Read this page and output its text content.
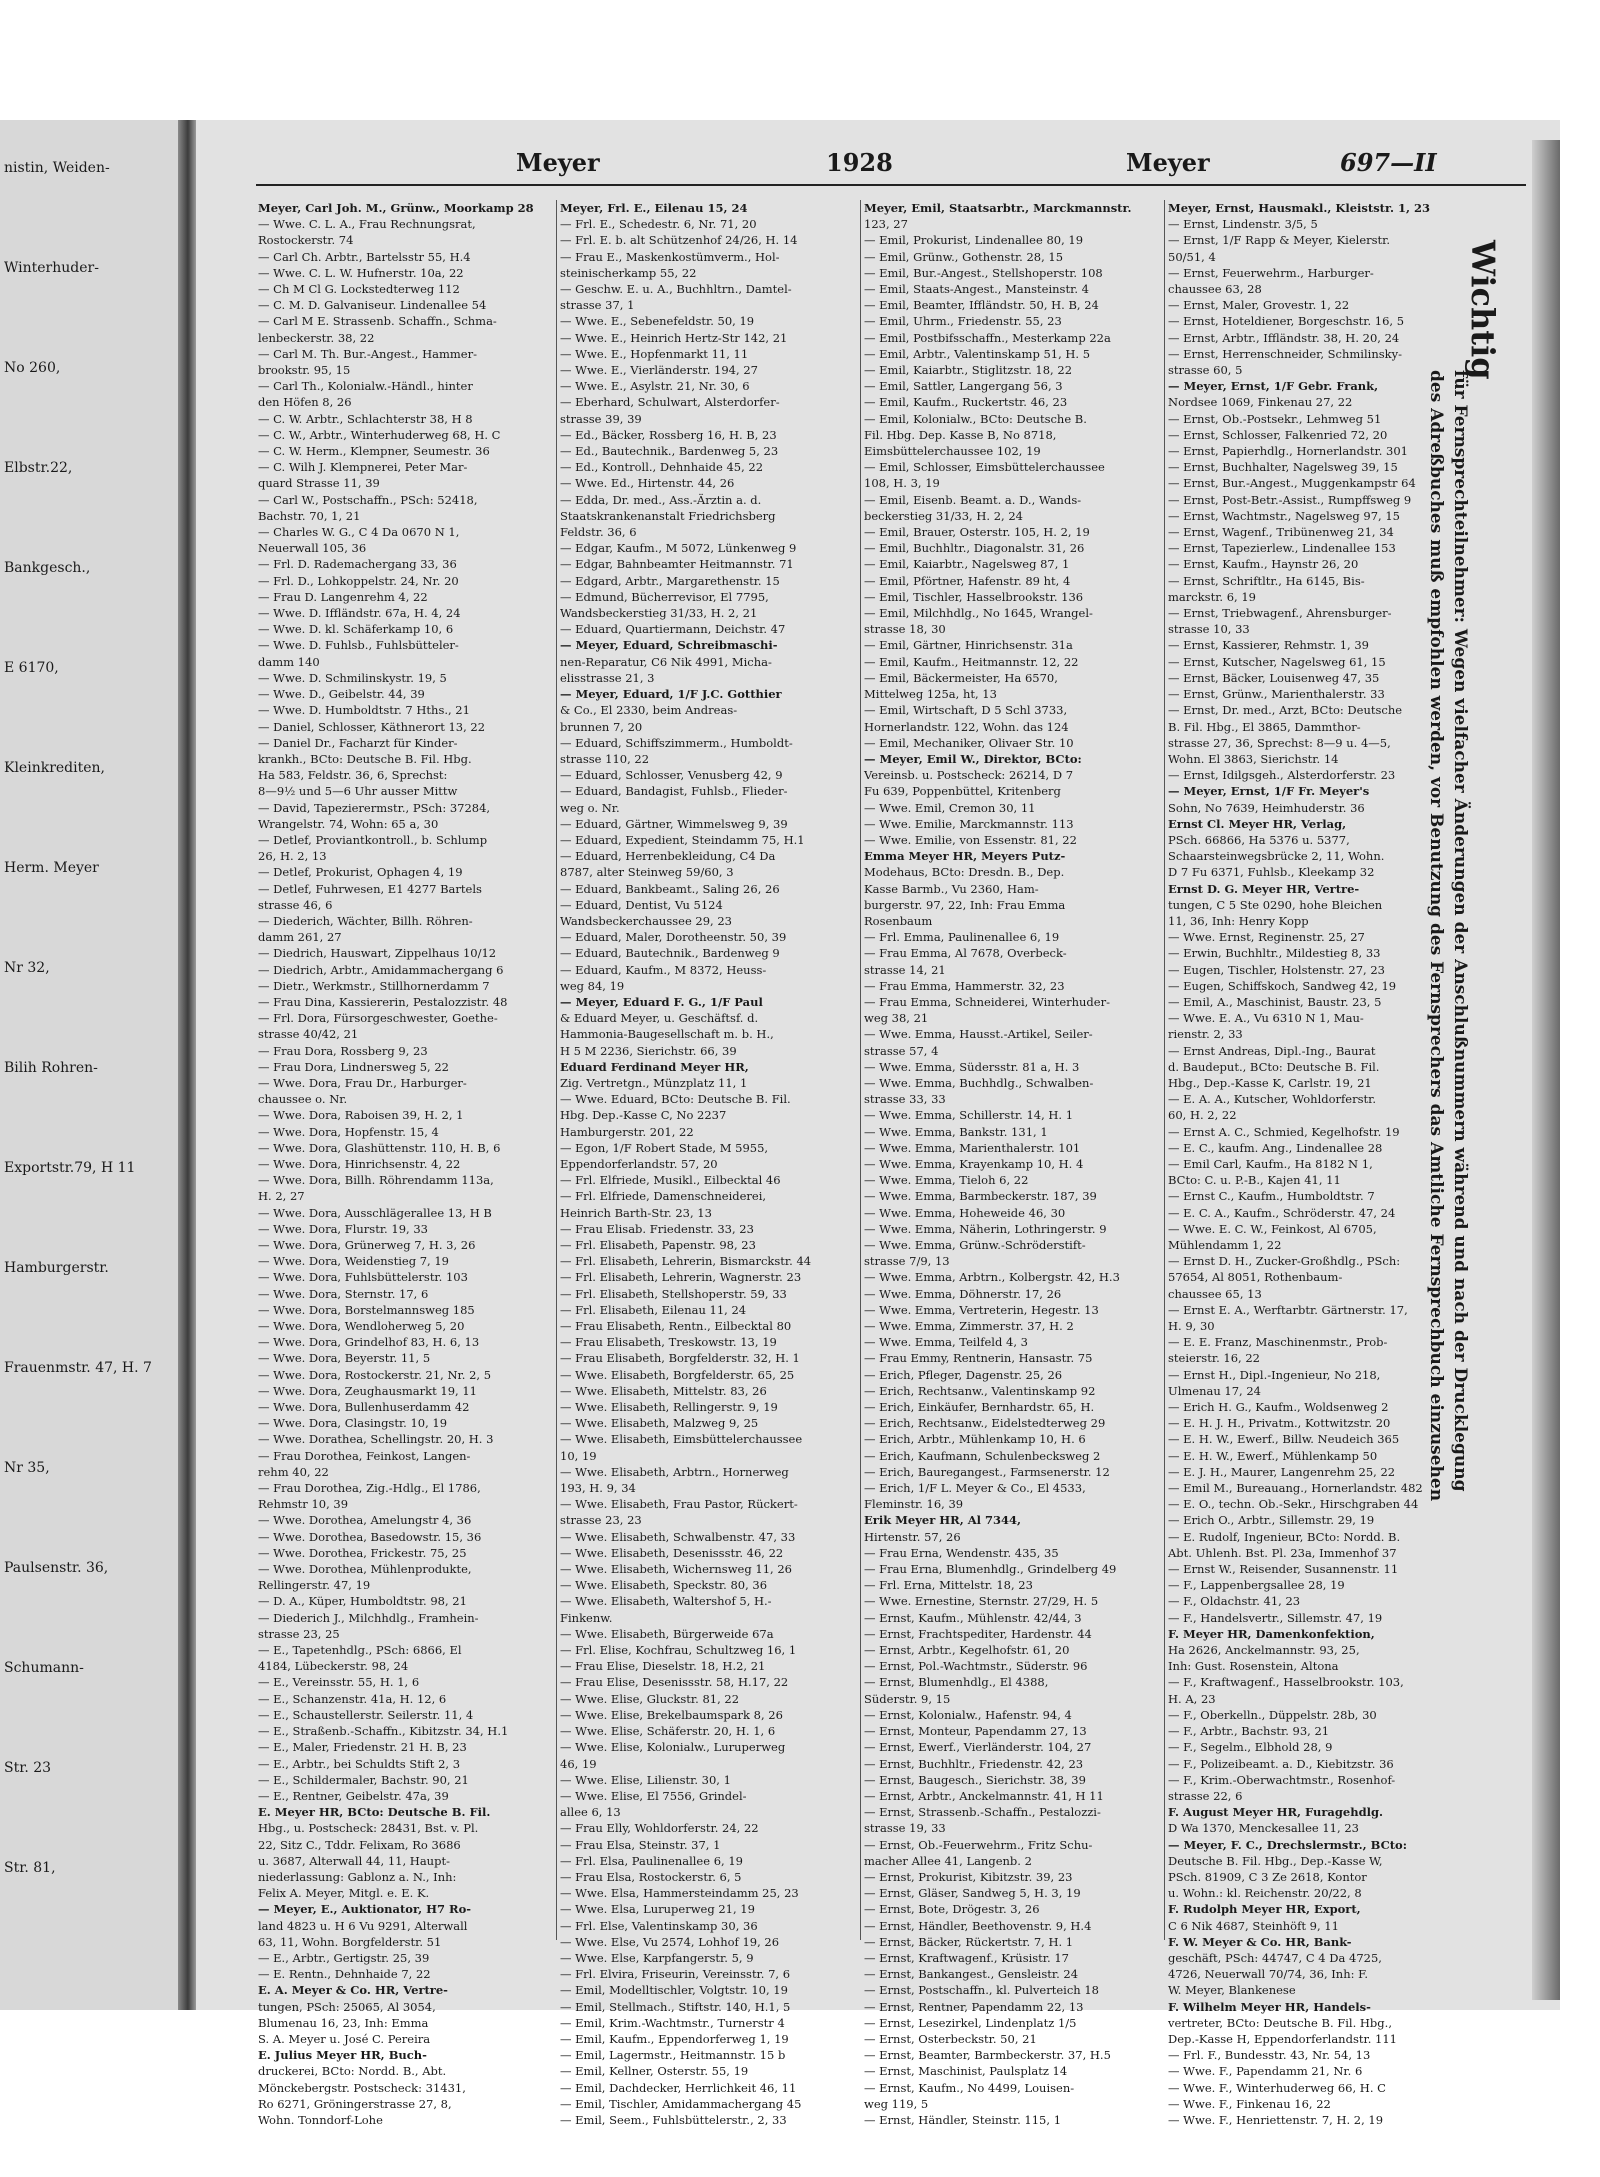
nistin, Weiden-
Winterhuder-
No 260,
Elbstr.22,
Bankgesch.,
E 6170,
Kleinkrediten,
Herm. Meyer
Nr 32,
Bilih Rohren-
Exportstr.79, H 11
Hamburgerstr.
Frauenmstr. 47, H. 7
Nr 35,
Paulsenstr. 36,
Schumann-
Str. 23
Str. 81,
Meyer	1928	Meyer	697—II
Meyer, Carl Joh. M., Grünw., Moorkamp 28
— Wwe. C. L. A., Frau Rechnungsrat,
Rostockerstr. 74
— Carl Ch. Arbtr., Bartelsstr 55, H.4
— Wwe. C. L. W. Hufnerstr. 10a, 22
— Ch M Cl G. Lockstedterweg 112
— C. M. D. Galvaniseur. Lindenallee 54
— Carl M E. Strassenb. Schaffn., Schma-
lenbeckerstr. 38, 22
— Carl M. Th. Bur.-Angest., Hammer-
brookstr. 95, 15
— Carl Th., Kolonialw.-Händl., hinter
den Höfen 8, 26
— C. W. Arbtr., Schlachterstr 38, H 8
— C. W., Arbtr., Winterhuderweg 68, H. C
— C. W. Herm., Klempner, Seumestr. 36
— C. Wilh J. Klempnerei, Peter Mar-
quard Strasse 11, 39
— Carl W., Postschaffn., PSch: 52418,
Bachstr. 70, 1, 21
— Charles W. G., C 4 Da 0670 N 1,
Neuerwall 105, 36
— Frl. D. Rademachergang 33, 36
— Frl. D., Lohkoppelstr. 24, Nr. 20
— Frau D. Langenrehm 4, 22
— Wwe. D. Iffländstr. 67a, H. 4, 24
— Wwe. D. kl. Schäferkamp 10, 6
— Wwe. D. Fuhlsb., Fuhlsbütteler-
damm 140
— Wwe. D. Schmilinskystr. 19, 5
— Wwe. D., Geibelstr. 44, 39
— Wwe. D. Humboldtstr. 7 Hths., 21
— Daniel, Schlosser, Käthnerort 13, 22
— Daniel Dr., Facharzt für Kinder-
krankh., BCto: Deutsche B. Fil. Hbg.
Ha 583, Feldstr. 36, 6, Sprechst:
8—9½ und 5—6 Uhr ausser Mittw
— David, Tapezierermstr., PSch: 37284,
Wrangelstr. 74, Wohn: 65 a, 30
— Detlef, Proviantkontroll., b. Schlump
26, H. 2, 13
— Detlef, Prokurist, Ophagen 4, 19
— Detlef, Fuhrwesen, E1 4277 Bartels
strasse 46, 6
— Diederich, Wächter, Billh. Röhren-
damm 261, 27
— Diedrich, Hauswart, Zippelhaus 10/12
— Diedrich, Arbtr., Amidammachergang 6
— Dietr., Werkmstr., Stillhornerdamm 7
— Frau Dina, Kassiererin, Pestalozzistr. 48
— Frl. Dora, Fürsorgeschwester, Goethe-
strasse 40/42, 21
— Frau Dora, Rossberg 9, 23
— Frau Dora, Lindnersweg 5, 22
— Wwe. Dora, Frau Dr., Harburger-
chaussee o. Nr.
— Wwe. Dora, Raboisen 39, H. 2, 1
— Wwe. Dora, Hopfenstr. 15, 4
— Wwe. Dora, Glashüttenstr. 110, H. B, 6
— Wwe. Dora, Hinrichsenstr. 4, 22
— Wwe. Dora, Billh. Röhrendamm 113a,
H. 2, 27
— Wwe. Dora, Ausschlägerallee 13, H B
— Wwe. Dora, Flurstr. 19, 33
— Wwe. Dora, Grünerweg 7, H. 3, 26
— Wwe. Dora, Weidenstieg 7, 19
— Wwe. Dora, Fuhlsbüttelerstr. 103
— Wwe. Dora, Sternstr. 17, 6
— Wwe. Dora, Borstelmannsweg 185
— Wwe. Dora, Wendloherweg 5, 20
— Wwe. Dora, Grindelhof 83, H. 6, 13
— Wwe. Dora, Beyerstr. 11, 5
— Wwe. Dora, Rostockerstr. 21, Nr. 2, 5
— Wwe. Dora, Zeughausmarkt 19, 11
— Wwe. Dora, Bullenhuserdamm 42
— Wwe. Dora, Clasingstr. 10, 19
— Wwe. Dorathea, Schellingstr. 20, H. 3
— Frau Dorothea, Feinkost, Langen-
rehm 40, 22
— Frau Dorothea, Zig.-Hdlg., El 1786,
Rehmstr 10, 39
— Wwe. Dorothea, Amelungstr 4, 36
— Wwe. Dorothea, Basedowstr. 15, 36
— Wwe. Dorothea, Frickestr. 75, 25
— Wwe. Dorothea, Mühlenprodukte,
Rellingerstr. 47, 19
— D. A., Küper, Humboldtstr. 98, 21
— Diederich J., Milchhdlg., Framhein-
strasse 23, 25
— E., Tapetenhdlg., PSch: 6866, El
4184, Lübeckerstr. 98, 24
— E., Vereinsstr. 55, H. 1, 6
— E., Schanzenstr. 41a, H. 12, 6
— E., Schaustellerstr. Seilerstr. 11, 4
— E., Straßenb.-Schaffn., Kibitzstr. 34, H.1
— E., Maler, Friedenstr. 21 H. B, 23
— E., Arbtr., bei Schuldts Stift 2, 3
— E., Schildermaler, Bachstr. 90, 21
— E., Rentner, Geibelstr. 47a, 39
E. Meyer HR, BCto: Deutsche B. Fil.
Hbg., u. Postscheck: 28431, Bst. v. Pl.
22, Sitz C., Tddr. Felixam, Ro 3686
u. 3687, Alterwall 44, 11, Haupt-
niederlassung: Gablonz a. N., Inh:
Felix A. Meyer, Mitgl. e. E. K.
— Meyer, E., Auktionator, H7 Ro-
land 4823 u. H 6 Vu 9291, Alterwall
63, 11, Wohn. Borgfelderstr. 51
— E., Arbtr., Gertigstr. 25, 39
— E. Rentn., Dehnhaide 7, 22
E. A. Meyer & Co. HR, Vertre-
tungen, PSch: 25065, Al 3054,
Blumenau 16, 23, Inh: Emma
S. A. Meyer u. José C. Pereira
E. Julius Meyer HR, Buch-
druckerei, BCto: Nordd. B., Abt.
Mönckebergstr. Postscheck: 31431,
Ro 6271, Gröningerstrasse 27, 8,
Wohn. Tonndorf-Lohe
Meyer, Frl. E., Eilenau 15, 24
— Frl. E., Schedestr. 6, Nr. 71, 20
— Frl. E. b. alt Schützenhof 24/26, H. 14
— Frau E., Maskenkostümverm., Hol-
steinischerkamp 55, 22
— Geschw. E. u. A., Buchhltrn., Damtel-
strasse 37, 1
— Wwe. E., Sebenefeldstr. 50, 19
— Wwe. E., Heinrich Hertz-Str 142, 21
— Wwe. E., Hopfenmarkt 11, 11
— Wwe. E., Vierländerstr. 194, 27
— Wwe. E., Asylstr. 21, Nr. 30, 6
— Eberhard, Schulwart, Alsterdorfer-
strasse 39, 39
— Ed., Bäcker, Rossberg 16, H. B, 23
— Ed., Bautechnik., Bardenweg 5, 23
— Ed., Kontroll., Dehnhaide 45, 22
— Wwe. Ed., Hirtenstr. 44, 26
— Edda, Dr. med., Ass.-Ärztin a. d.
Staatskrankenanstalt Friedrichsberg
Feldstr. 36, 6
— Edgar, Kaufm., M 5072, Lünkenweg 9
— Edgar, Bahnbeamter Heitmannstr. 71
— Edgard, Arbtr., Margarethenstr. 15
— Edmund, Bücherrevisor, El 7795,
Wandsbeckerstieg 31/33, H. 2, 21
— Eduard, Quartiermann, Deichstr. 47
— Meyer, Eduard, Schreibmaschi-
nen-Reparatur, C6 Nik 4991, Micha-
elisstrasse 21, 3
— Meyer, Eduard, 1/F J.C. Gotthier
& Co., El 2330, beim Andreas-
brunnen 7, 20
— Eduard, Schiffszimmerm., Humboldt-
strasse 110, 22
— Eduard, Schlosser, Venusberg 42, 9
— Eduard, Bandagist, Fuhlsb., Flieder-
weg o. Nr.
— Eduard, Gärtner, Wimmelsweg 9, 39
— Eduard, Expedient, Steindamm 75, H.1
— Eduard, Herrenbekleidung, C4 Da
8787, alter Steinweg 59/60, 3
— Eduard, Bankbeamt., Saling 26, 26
— Eduard, Dentist, Vu 5124
Wandsbeckerchaussee 29, 23
— Eduard, Maler, Dorotheenstr. 50, 39
— Eduard, Bautechnik., Bardenweg 9
— Eduard, Kaufm., M 8372, Heuss-
weg 84, 19
— Meyer, Eduard F. G., 1/F Paul
& Eduard Meyer, u. Geschäftsf. d.
Hammonia-Baugesellschaft m. b. H.,
H 5 M 2236, Sierichstr. 66, 39
Eduard Ferdinand Meyer HR,
Zig. Vertretgn., Münzplatz 11, 1
— Wwe. Eduard, BCto: Deutsche B. Fil.
Hbg. Dep.-Kasse C, No 2237
Hamburgerstr. 201, 22
— Egon, 1/F Robert Stade, M 5955,
Eppendorferlandstr. 57, 20
— Frl. Elfriede, Musikl., Eilbecktal 46
— Frl. Elfriede, Damenschneiderei,
Heinrich Barth-Str. 23, 13
— Frau Elisab. Friedenstr. 33, 23
— Frl. Elisabeth, Papenstr. 98, 23
— Frl. Elisabeth, Lehrerin, Bismarckstr. 44
— Frl. Elisabeth, Lehrerin, Wagnerstr. 23
— Frl. Elisabeth, Stellshoperstr. 59, 33
— Frl. Elisabeth, Eilenau 11, 24
— Frau Elisabeth, Rentn., Eilbecktal 80
— Frau Elisabeth, Treskowstr. 13, 19
— Frau Elisabeth, Borgfelderstr. 32, H. 1
— Wwe. Elisabeth, Borgfelderstr. 65, 25
— Wwe. Elisabeth, Mittelstr. 83, 26
— Wwe. Elisabeth, Rellingerstr. 9, 19
— Wwe. Elisabeth, Malzweg 9, 25
— Wwe. Elisabeth, Eimsbüttelerchaussee
10, 19
— Wwe. Elisabeth, Arbtrn., Hornerweg
193, H. 9, 34
— Wwe. Elisabeth, Frau Pastor, Rückert-
strasse 23, 23
— Wwe. Elisabeth, Schwalbenstr. 47, 33
— Wwe. Elisabeth, Desenissstr. 46, 22
— Wwe. Elisabeth, Wichernsweg 11, 26
— Wwe. Elisabeth, Speckstr. 80, 36
— Wwe. Elisabeth, Waltershof 5, H.-
Finkenw.
— Wwe. Elisabeth, Bürgerweide 67a
— Frl. Elise, Kochfrau, Schultzweg 16, 1
— Frau Elise, Dieselstr. 18, H.2, 21
— Frau Elise, Desenissstr. 58, H.17, 22
— Wwe. Elise, Gluckstr. 81, 22
— Wwe. Elise, Brekelbaumspark 8, 26
— Wwe. Elise, Schäferstr. 20, H. 1, 6
— Wwe. Elise, Kolonialw., Luruperweg
46, 19
— Wwe. Elise, Lilienstr. 30, 1
— Wwe. Elise, El 7556, Grindel-
allee 6, 13
— Frau Elly, Wohldorferstr. 24, 22
— Frau Elsa, Steinstr. 37, 1
— Frl. Elsa, Paulinenallee 6, 19
— Frau Elsa, Rostockerstr. 6, 5
— Wwe. Elsa, Hammersteindamm 25, 23
— Wwe. Elsa, Luruperweg 21, 19
— Frl. Else, Valentinskamp 30, 36
— Wwe. Else, Vu 2574, Lohhof 19, 26
— Wwe. Else, Karpfangerstr. 5, 9
— Frl. Elvira, Friseurin, Vereinsstr. 7, 6
— Emil, Modelltischler, Volgtstr. 10, 19
— Emil, Stellmach., Stiftstr. 140, H.1, 5
— Emil, Krim.-Wachtmstr., Turnerstr 4
— Emil, Kaufm., Eppendorferweg 1, 19
— Emil, Lagermstr., Heitmannstr. 15 b
— Emil, Kellner, Osterstr. 55, 19
— Emil, Dachdecker, Herrlichkeit 46, 11
— Emil, Tischler, Amidammachergang 45
— Emil, Seem., Fuhlsbüttelerstr., 2, 33
Meyer, Emil, Staatsarbtr., Marckmannstr.
123, 27
— Emil, Prokurist, Lindenallee 80, 19
— Emil, Grünw., Gothenstr. 28, 15
— Emil, Bur.-Angest., Stellshoperstr. 108
— Emil, Staats-Angest., Mansteinstr. 4
— Emil, Beamter, Iffländstr. 50, H. B, 24
— Emil, Uhrm., Friedenstr. 55, 23
— Emil, Postbifsschaffn., Mesterkamp 22a
— Emil, Arbtr., Valentinskamp 51, H. 5
— Emil, Kaiarbtr., Stiglitzstr. 18, 22
— Emil, Sattler, Langergang 56, 3
— Emil, Kaufm., Ruckertstr. 46, 23
— Emil, Kolonialw., BCto: Deutsche B.
Fil. Hbg. Dep. Kasse B, No 8718,
Eimsbüttelerchaussee 102, 19
— Emil, Schlosser, Eimsbüttelerchaussee
108, H. 3, 19
— Emil, Eisenb. Beamt. a. D., Wands-
beckerstieg 31/33, H. 2, 24
— Emil, Brauer, Osterstr. 105, H. 2, 19
— Emil, Buchhltr., Diagonalstr. 31, 26
— Emil, Kaiarbtr., Nagelsweg 87, 1
— Emil, Pförtner, Hafenstr. 89 ht, 4
— Emil, Tischler, Hasselbrookstr. 136
— Emil, Milchhdlg., No 1645, Wrangel-
strasse 18, 30
— Emil, Gärtner, Hinrichsenstr. 31a
— Emil, Kaufm., Heitmannstr. 12, 22
— Emil, Bäckermeister, Ha 6570,
Mittelweg 125a, ht, 13
— Emil, Wirtschaft, D 5 Schl 3733,
Hornerlandstr. 122, Wohn. das 124
— Emil, Mechaniker, Olivaer Str. 10
— Meyer, Emil W., Direktor, BCto:
Vereinsb. u. Postscheck: 26214, D 7
Fu 639, Poppenbüttel, Kritenberg
— Wwe. Emil, Cremon 30, 11
— Wwe. Emilie, Marckmannstr. 113
— Wwe. Emilie, von Essenstr. 81, 22
Emma Meyer HR, Meyers Putz-
Modehaus, BCto: Dresdn. B., Dep.
Kasse Barmb., Vu 2360, Ham-
burgerstr. 97, 22, Inh: Frau Emma
Rosenbaum
— Frl. Emma, Paulinenallee 6, 19
— Frau Emma, Al 7678, Overbeck-
strasse 14, 21
— Frau Emma, Hammerstr. 32, 23
— Frau Emma, Schneiderei, Winterhuder-
weg 38, 21
— Wwe. Emma, Hausst.-Artikel, Seiler-
strasse 57, 4
— Wwe. Emma, Südersstr. 81 a, H. 3
— Wwe. Emma, Buchhdlg., Schwalben-
strasse 33, 33
— Wwe. Emma, Schillerstr. 14, H. 1
— Wwe. Emma, Bankstr. 131, 1
— Wwe. Emma, Marienthalerstr. 101
— Wwe. Emma, Krayenkamp 10, H. 4
— Wwe. Emma, Tieloh 6, 22
— Wwe. Emma, Barmbeckerstr. 187, 39
— Wwe. Emma, Hoheweide 46, 30
— Wwe. Emma, Näherin, Lothringerstr. 9
— Wwe. Emma, Grünw.-Schröderstift-
strasse 7/9, 13
— Wwe. Emma, Arbtrn., Kolbergstr. 42, H.3
— Wwe. Emma, Döhnerstr. 17, 26
— Wwe. Emma, Vertreterin, Hegestr. 13
— Wwe. Emma, Zimmerstr. 37, H. 2
— Wwe. Emma, Teilfeld 4, 3
— Frau Emmy, Rentnerin, Hansastr. 75
— Erich, Pfleger, Dagenstr. 25, 26
— Erich, Rechtsanw., Valentinskamp 92
— Erich, Einkäufer, Bernhardstr. 65, H.
— Erich, Rechtsanw., Eidelstedterweg 29
— Erich, Arbtr., Mühlenkamp 10, H. 6
— Erich, Kaufmann, Schulenbecksweg 2
— Erich, Bauregangest., Farmsenerstr. 12
— Erich, 1/F L. Meyer & Co., El 4533,
Fleminstr. 16, 39
Erik Meyer HR, Al 7344,
Hirtenstr. 57, 26
— Frau Erna, Wendenstr. 435, 35
— Frau Erna, Blumenhdlg., Grindelberg 49
— Frl. Erna, Mittelstr. 18, 23
— Wwe. Ernestine, Sternstr. 27/29, H. 5
— Ernst, Kaufm., Mühlenstr. 42/44, 3
— Ernst, Frachtspediter, Hardenstr. 44
— Ernst, Arbtr., Kegelhofstr. 61, 20
— Ernst, Pol.-Wachtmstr., Süderstr. 96
— Ernst, Blumenhdlg., El 4388,
Süderstr. 9, 15
— Ernst, Kolonialw., Hafenstr. 94, 4
— Ernst, Monteur, Papendamm 27, 13
— Ernst, Ewerf., Vierländerstr. 104, 27
— Ernst, Buchhltr., Friedenstr. 42, 23
— Ernst, Baugesch., Sierichstr. 38, 39
— Ernst, Arbtr., Anckelmannstr. 41, H 11
— Ernst, Strassenb.-Schaffn., Pestalozzi-
strasse 19, 33
— Ernst, Ob.-Feuerwehrm., Fritz Schu-
macher Allee 41, Langenb. 2
— Ernst, Prokurist, Kibitzstr. 39, 23
— Ernst, Gläser, Sandweg 5, H. 3, 19
— Ernst, Bote, Drögestr. 3, 26
— Ernst, Händler, Beethovenstr. 9, H.4
— Ernst, Bäcker, Rückertstr. 7, H. 1
— Ernst, Kraftwagenf., Krüsistr. 17
— Ernst, Bankangest., Gensleistr. 24
— Ernst, Postschaffn., kl. Pulverteich 18
— Ernst, Rentner, Papendamm 22, 13
— Ernst, Lesezirkel, Lindenplatz 1/5
— Ernst, Osterbeckstr. 50, 21
— Ernst, Beamter, Barmbeckerstr. 37, H.5
— Ernst, Maschinist, Paulsplatz 14
— Ernst, Kaufm., No 4499, Louisen-
weg 119, 5
— Ernst, Händler, Steinstr. 115, 1
Meyer, Ernst, Hausmakl., Kleiststr. 1, 23
— Ernst, Lindenstr. 3/5, 5
— Ernst, 1/F Rapp & Meyer, Kielerstr.
50/51, 4
— Ernst, Feuerwehrm., Harburger-
chaussee 63, 28
— Ernst, Maler, Grovestr. 1, 22
— Ernst, Hoteldiener, Borgeschstr. 16, 5
— Ernst, Arbtr., Iffländstr. 38, H. 20, 24
— Ernst, Herrenschneider, Schmilinsky-
strasse 60, 5
— Meyer, Ernst, 1/F Gebr. Frank,
Nordsee 1069, Finkenau 27, 22
— Ernst, Ob.-Postsekr., Lehmweg 51
— Ernst, Schlosser, Falkenried 72, 20
— Ernst, Papierhdlg., Hornerlandstr. 301
— Ernst, Buchhalter, Nagelsweg 39, 15
— Ernst, Bur.-Angest., Muggenkampstr 64
— Ernst, Post-Betr.-Assist., Rumpffsweg 9
— Ernst, Wachtmstr., Nagelsweg 97, 15
— Ernst, Wagenf., Tribünenweg 21, 34
— Ernst, Tapezierlew., Lindenallee 153
— Ernst, Kaufm., Haynstr 26, 20
— Ernst, Schriftltr., Ha 6145, Bis-
marckstr. 6, 19
— Ernst, Triebwagenf., Ahrensburger-
strasse 10, 33
— Ernst, Kassierer, Rehmstr. 1, 39
— Ernst, Kutscher, Nagelsweg 61, 15
— Ernst, Bäcker, Louisenweg 47, 35
— Ernst, Grünw., Marienthalerstr. 33
— Ernst, Dr. med., Arzt, BCto: Deutsche
B. Fil. Hbg., El 3865, Dammthor-
strasse 27, 36, Sprechst: 8—9 u. 4—5,
Wohn. El 3863, Sierichstr. 14
— Ernst, Idilgsgeh., Alsterdorferstr. 23
— Meyer, Ernst, 1/F Fr. Meyer's
Sohn, No 7639, Heimhuderstr. 36
Ernst Cl. Meyer HR, Verlag,
PSch. 66866, Ha 5376 u. 5377,
Schaarsteinwegsbrücke 2, 11, Wohn.
D 7 Fu 6371, Fuhlsb., Kleekamp 32
Ernst D. G. Meyer HR, Vertre-
tungen, C 5 Ste 0290, hohe Bleichen
11, 36, Inh: Henry Kopp
— Wwe. Ernst, Reginenstr. 25, 27
— Erwin, Buchhltr., Mildestieg 8, 33
— Eugen, Tischler, Holstenstr. 27, 23
— Eugen, Schiffskoch, Sandweg 42, 19
— Emil, A., Maschinist, Baustr. 23, 5
— Wwe. E. A., Vu 6310 N 1, Mau-
rienstr. 2, 33
— Ernst Andreas, Dipl.-Ing., Baurat
d. Baudeput., BCto: Deutsche B. Fil.
Hbg., Dep.-Kasse K, Carlstr. 19, 21
— E. A. A., Kutscher, Wohldorferstr.
60, H. 2, 22
— Ernst A. C., Schmied, Kegelhofstr. 19
— E. C., kaufm. Ang., Lindenallee 28
— Emil Carl, Kaufm., Ha 8182 N 1,
BCto: C. u. P.-B., Kajen 41, 11
— Ernst C., Kaufm., Humboldtstr. 7
— E. C. A., Kaufm., Schröderstr. 47, 24
— Wwe. E. C. W., Feinkost, Al 6705,
Mühlendamm 1, 22
— Ernst D. H., Zucker-Großhdlg., PSch:
57654, Al 8051, Rothenbaum-
chaussee 65, 13
— Ernst E. A., Werftarbtr. Gärtnerstr. 17,
H. 9, 30
— E. E. Franz, Maschinenmstr., Prob-
steierstr. 16, 22
— Ernst H., Dipl.-Ingenieur, No 218,
Ulmenau 17, 24
— Erich H. G., Kaufm., Woldsenweg 2
— E. H. J. H., Privatm., Kottwitzstr. 20
— E. H. W., Ewerf., Billw. Neudeich 365
— E. H. W., Ewerf., Mühlenkamp 50
— E. J. H., Maurer, Langenrehm 25, 22
— Emil M., Bureauang., Hornerlandstr. 482
— E. O., techn. Ob.-Sekr., Hirschgraben 44
— Erich O., Arbtr., Sillemstr. 29, 19
— E. Rudolf, Ingenieur, BCto: Nordd. B.
Abt. Uhlenh. Bst. Pl. 23a, Immenhof 37
— Ernst W., Reisender, Susannenstr. 11
— F., Lappenbergsallee 28, 19
— F., Oldachstr. 41, 23
— F., Handelsvertr., Sillemstr. 47, 19
F. Meyer HR, Damenkonfektion,
Ha 2626, Anckelmannstr. 93, 25,
Inh: Gust. Rosenstein, Altona
— F., Kraftwagenf., Hasselbrookstr. 103,
H. A, 23
— F., Oberkelln., Düppelstr. 28b, 30
— F., Arbtr., Bachstr. 93, 21
— F., Segelm., Elbhold 28, 9
— F., Polizeibeamt. a. D., Kiebitzstr. 36
— F., Krim.-Oberwachtmstr., Rosenhof-
strasse 22, 6
F. August Meyer HR, Furagehdlg.
D Wa 1370, Menckesallee 11, 23
— Meyer, F. C., Drechslermstr., BCto:
Deutsche B. Fil. Hbg., Dep.-Kasse W,
PSch. 81909, C 3 Ze 2618, Kontor
u. Wohn.: kl. Reichenstr. 20/22, 8
F. Rudolph Meyer HR, Export,
C 6 Nik 4687, Steinhöft 9, 11
F. W. Meyer & Co. HR, Bank-
geschäft, PSch: 44747, C 4 Da 4725,
4726, Neuerwall 70/74, 36, Inh: F.
W. Meyer, Blankenese
F. Wilhelm Meyer HR, Handels-
vertreter, BCto: Deutsche B. Fil. Hbg.,
Dep.-Kasse H, Eppendorferlandstr. 111
— Frl. F., Bundesstr. 43, Nr. 54, 13
— Wwe. F., Papendamm 21, Nr. 6
— Wwe. F., Winterhuderweg 66, H. C
— Wwe. F., Finkenau 16, 22
— Wwe. F., Henriettenstr. 7, H. 2, 19
Wichtig
für Fernsprechteilnehmer: Wegen vielfacher Änderungen der Anschlußnummern während und nach der Drucklegung
des Adreßbuches muß empfohlen werden, vor Benutzung des Fernsprechers das Amtliche Fernsprechbuch einzusehen
